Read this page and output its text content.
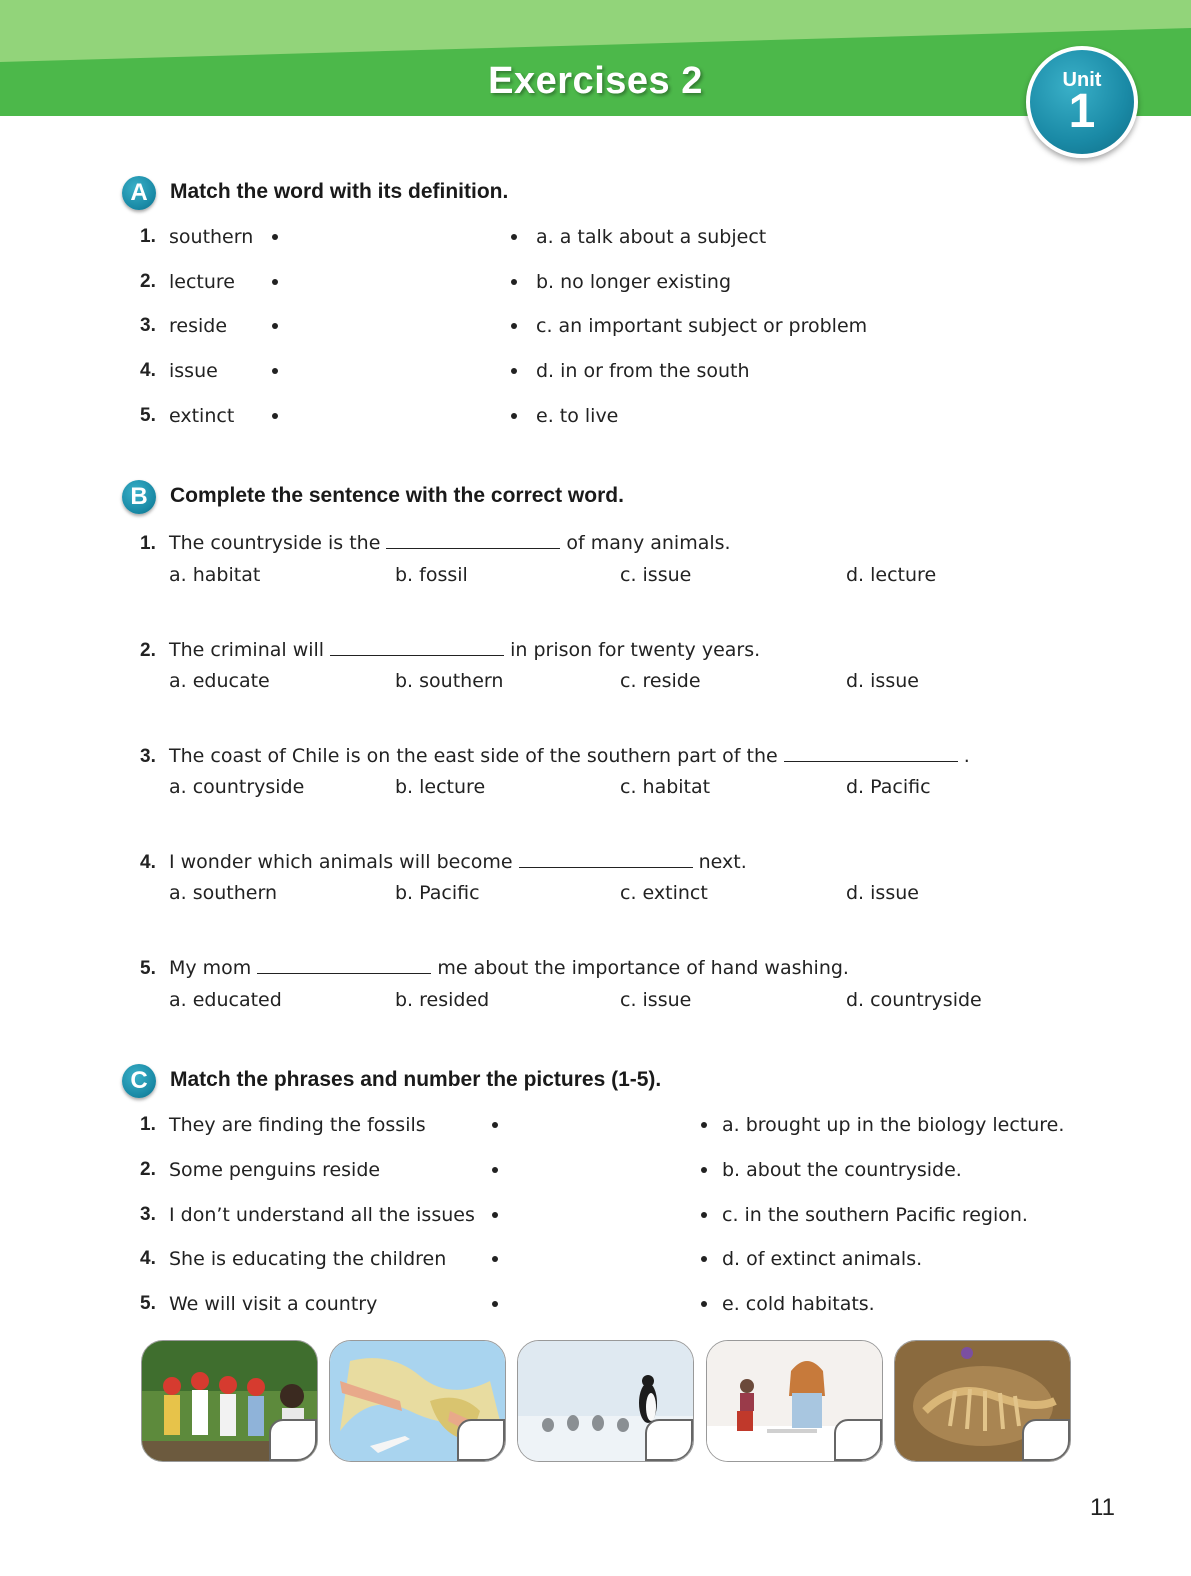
Exercises 2	Unit
1
A	Match the word with its definition.
1. southern	a. a talk about a subject
2. lecture	b. no longer existing
3. reside	c. an important subject or problem
4. issue	d. in or from the south
5. extinct	e. to live
B	Complete the sentence with the correct word.
1. The countryside is the	of many animals.
a. habitat	b. fossil	c. issue	d. lecture
2. The criminal will	in prison for twenty years.
a. educate	b. southern	c. reside	d. issue
3. The coast of Chile is on the east side of the southern part of the	.
a. countryside	b. lecture	c. habitat	d. Pacific
4. I wonder which animals will become	next.
a. southern	b. Pacific	c. extinct	d. issue
5. My mom	me about the importance of hand washing.
a. educated	b. resided	c. issue	d. countryside
C	Match the phrases and number the pictures (1-5).
1. They are finding the fossils	a. brought up in the biology lecture.
2. Some penguins reside	b. about the countryside.
3. I don’t understand all the issues	c. in the southern Pacific region.
4. She is educating the children	d. of extinct animals.
5. We will visit a country	e. cold habitats.
11
